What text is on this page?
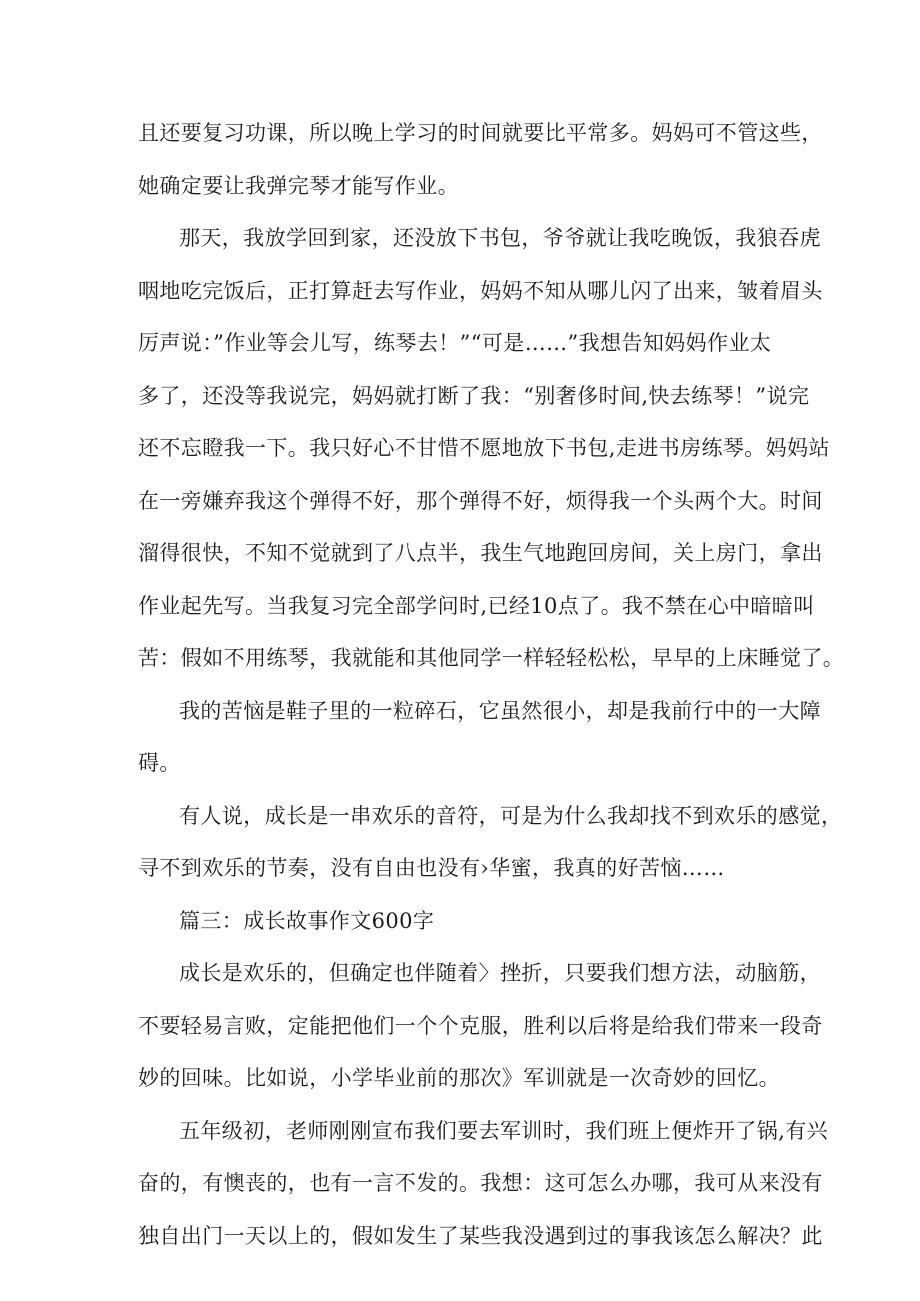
且还要复习功课，所以晚上学习的时间就要比平常多。妈妈可不管这些，
她确定要让我弹完琴才能写作业。
那天，我放学回到家，还没放下书包，爷爷就让我吃晚饭，我狼吞虎
咽地吃完饭后，正打算赶去写作业，妈妈不知从哪儿闪了出来，皱着眉头
厉声说：”作业等会儿写，练琴去！”“可是……”我想告知妈妈作业太
多了，还没等我说完，妈妈就打断了我：“别奢侈时间,快去练琴！”说完
还不忘瞪我一下。我只好心不甘惜不愿地放下书包,走进书房练琴。妈妈站
在一旁嫌弃我这个弹得不好，那个弹得不好，烦得我一个头两个大。时间
溜得很快，不知不觉就到了八点半，我生气地跑回房间，关上房门，拿出
作业起先写。当我复习完全部学问时,已经10点了。我不禁在心中暗暗叫
苦：假如不用练琴，我就能和其他同学一样轻轻松松，早早的上床睡觉了。
我的苦恼是鞋子里的一粒碎石，它虽然很小，却是我前行中的一大障
碍。
有人说，成长是一串欢乐的音符，可是为什么我却找不到欢乐的感觉，
寻不到欢乐的节奏，没有自由也没有›华蜜，我真的好苦恼……
篇三：成长故事作文600字
成长是欢乐的，但确定也伴随着〉挫折，只要我们想方法，动脑筋，
不要轻易言败，定能把他们一个个克服，胜利以后将是给我们带来一段奇
妙的回味。比如说，小学毕业前的那次》军训就是一次奇妙的回忆。
五年级初，老师刚刚宣布我们要去军训时，我们班上便炸开了锅,有兴
奋的，有懊丧的，也有一言不发的。我想：这可怎么办哪，我可从来没有
独自出门一天以上的，假如发生了某些我没遇到过的事我该怎么解决？此
